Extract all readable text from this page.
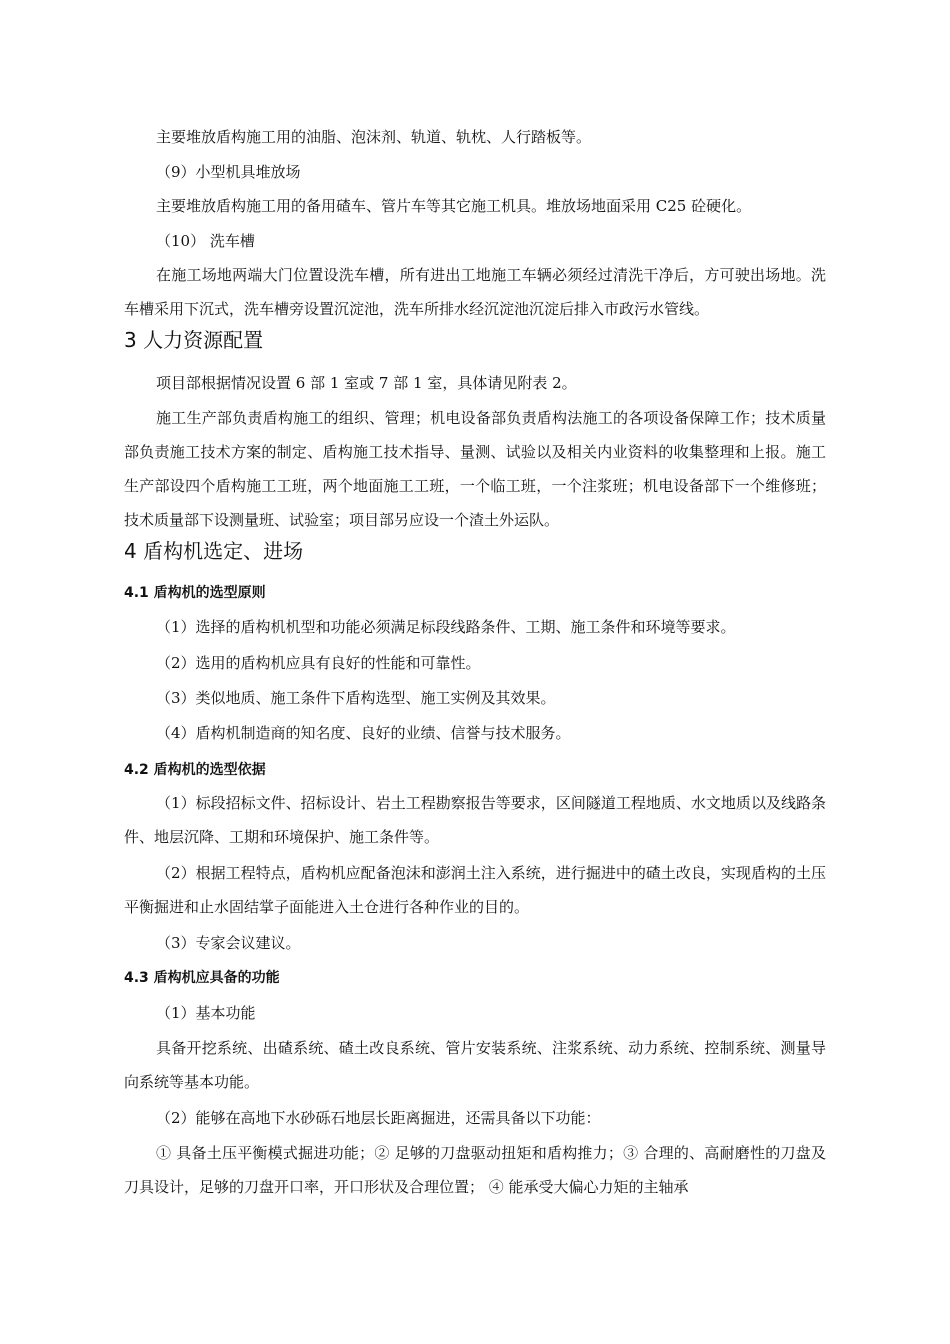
主要堆放盾构施工用的油脂、泡沫剂、轨道、轨枕、人行踏板等。

（9）小型机具堆放场

主要堆放盾构施工用的备用碴车、管片车等其它施工机具。堆放场地面采用 C25 砼硬化。

（10） 洗车槽

在施工场地两端大门位置设洗车槽，所有进出工地施工车辆必须经过清洗干净后，方可驶出场地。洗车槽采用下沉式，洗车槽旁设置沉淀池，洗车所排水经沉淀池沉淀后排入市政污水管线。

3 人力资源配置

项目部根据情况设置 6 部 1 室或 7 部 1 室，具体请见附表 2。

施工生产部负责盾构施工的组织、管理；机电设备部负责盾构法施工的各项设备保障工作；技术质量部负责施工技术方案的制定、盾构施工技术指导、量测、试验以及相关内业资料的收集整理和上报。施工生产部设四个盾构施工工班，两个地面施工工班，一个临工班，一个注浆班；机电设备部下一个维修班；技术质量部下设测量班、试验室；项目部另应设一个渣土外运队。

4 盾构机选定、进场
4.1 盾构机的选型原则

（1）选择的盾构机机型和功能必须满足标段线路条件、工期、施工条件和环境等要求。

（2）选用的盾构机应具有良好的性能和可靠性。

（3）类似地质、施工条件下盾构选型、施工实例及其效果。

（4）盾构机制造商的知名度、良好的业绩、信誉与技术服务。

4.2 盾构机的选型依据

（1）标段招标文件、招标设计、岩土工程勘察报告等要求，区间隧道工程地质、水文地质以及线路条件、地层沉降、工期和环境保护、施工条件等。

（2）根据工程特点，盾构机应配备泡沫和澎润土注入系统，进行掘进中的碴土改良，实现盾构的土压平衡掘进和止水固结掌子面能进入土仓进行各种作业的目的。

（3）专家会议建议。

4.3 盾构机应具备的功能

（1）基本功能

具备开挖系统、出碴系统、碴土改良系统、管片安装系统、注浆系统、动力系统、控制系统、测量导向系统等基本功能。

（2）能够在高地下水砂砾石地层长距离掘进，还需具备以下功能：

① 具备土压平衡模式掘进功能；② 足够的刀盘驱动扭矩和盾构推力；③ 合理的、高耐磨性的刀盘及刀具设计，足够的刀盘开口率，开口形状及合理位置； ④ 能承受大偏心力矩的主轴承
